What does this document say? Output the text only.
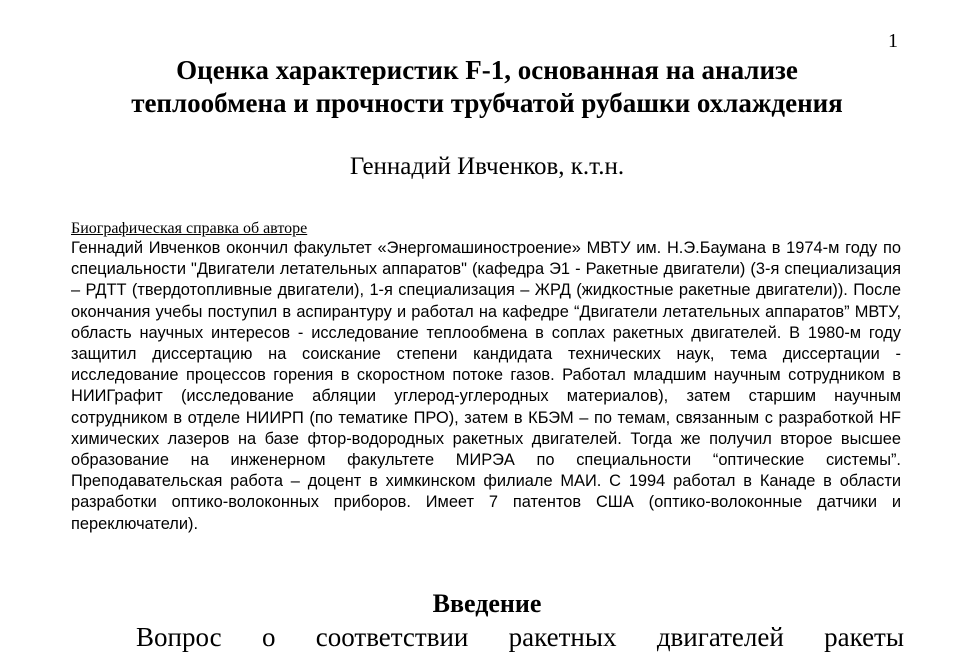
1
Оценка характеристик F-1, основанная на анализе
теплообмена и прочности трубчатой рубашки охлаждения
Геннадий Ивченков, к.т.н.
Биографическая справка об авторе

Геннадий Ивченков окончил факультет «Энергомашиностроение» МВТУ им. Н.Э.Баумана в 1974-м году по специальности "Двигатели летательных аппаратов" (кафедра Э1 - Ракетные двигатели) (3-я специализация – РДТТ (твердотопливные двигатели), 1-я специализация – ЖРД (жидкостные ракетные двигатели)). После окончания учебы поступил в аспирантуру и работал на кафедре “Двигатели летательных аппаратов” МВТУ, область научных интересов - исследование теплообмена в соплах ракетных двигателей. В 1980-м году защитил диссертацию на соискание степени кандидата технических наук, тема диссертации - исследование процессов горения в скоростном потоке газов. Работал младшим научным сотрудником в НИИГрафит (исследование абляции углерод-углеродных материалов), затем старшим научным сотрудником в отделе НИИРП (по тематике ПРО), затем в КБЭМ – по темам, связанным с разработкой HF химических лазеров на базе фтор-водородных ракетных двигателей. Тогда же получил второе высшее образование на инженерном факультете МИРЭА по специальности “оптические системы”. Преподавательская работа – доцент в химкинском филиале МАИ. С 1994 работал в Канаде в области разработки оптико-волоконных приборов. Имеет 7 патентов США (оптико-волоконные датчики и переключатели).

Введение
Вопрос о соответствии ракетных двигателей ракеты
